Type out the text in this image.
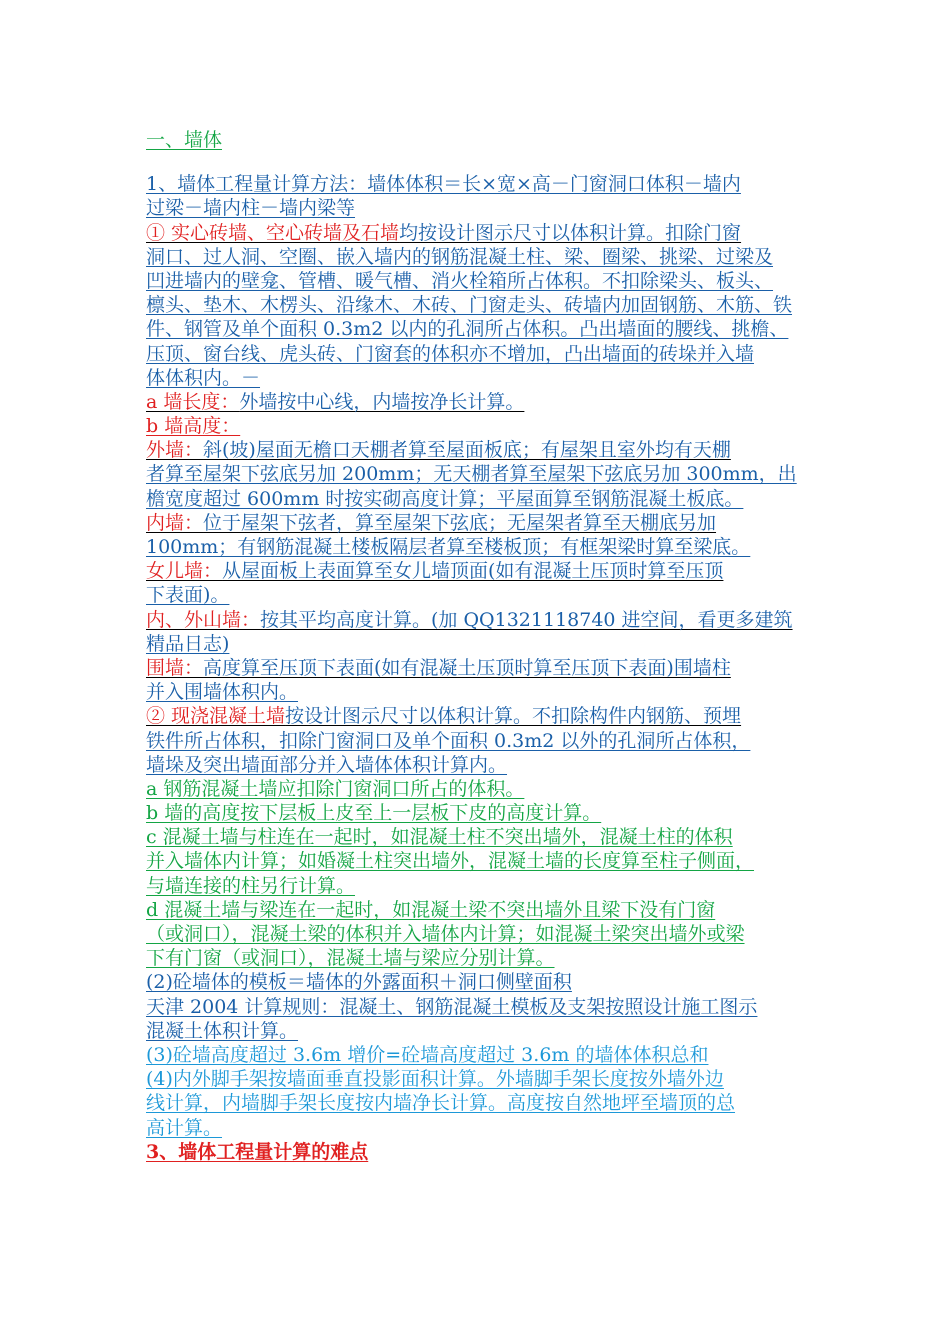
一、墙体
1、墙体工程量计算方法：墙体体积＝长×宽×高－门窗洞口体积－墙内
过梁－墙内柱－墙内梁等
① 实心砖墙、空心砖墙及石墙均按设计图示尺寸以体积计算。扣除门窗
洞口、过人洞、空圈、嵌入墙内的钢筋混凝土柱、梁、圈梁、挑梁、过梁及
凹进墙内的壁龛、管槽、暖气槽、消火栓箱所占体积。不扣除梁头、板头、
檩头、垫木、木楞头、沿缘木、木砖、门窗走头、砖墙内加固钢筋、木筋、铁
件、钢管及单个面积 0.3m2 以内的孔洞所占体积。凸出墙面的腰线、挑檐、
压顶、窗台线、虎头砖、门窗套的体积亦不增加，凸出墙面的砖垛并入墙
体体积内。－
a 墙长度：外墙按中心线，内墙按净长计算。
b 墙高度：
外墙：斜(坡)屋面无檐口天棚者算至屋面板底；有屋架且室外均有天棚
者算至屋架下弦底另加 200mm；无天棚者算至屋架下弦底另加 300mm，出
檐宽度超过 600mm 时按实砌高度计算；平屋面算至钢筋混凝土板底。
内墙：位于屋架下弦者，算至屋架下弦底；无屋架者算至天棚底另加
100mm；有钢筋混凝土楼板隔层者算至楼板顶；有框架梁时算至梁底。
女儿墙：从屋面板上表面算至女儿墙顶面(如有混凝土压顶时算至压顶
下表面)。
内、外山墙：按其平均高度计算。(加 QQ1321118740 进空间，看更多建筑
精品日志)
围墙：高度算至压顶下表面(如有混凝土压顶时算至压顶下表面)围墙柱
并入围墙体积内。
② 现浇混凝土墙按设计图示尺寸以体积计算。不扣除构件内钢筋、预埋
铁件所占体积，扣除门窗洞口及单个面积 0.3m2 以外的孔洞所占体积，
墙垛及突出墙面部分并入墙体体积计算内。
a 钢筋混凝土墙应扣除门窗洞口所占的体积。
b 墙的高度按下层板上皮至上一层板下皮的高度计算。
c 混凝土墙与柱连在一起时，如混凝土柱不突出墙外，混凝土柱的体积
并入墙体内计算；如婚凝土柱突出墙外，混凝土墙的长度算至柱子侧面，
与墙连接的柱另行计算。
d 混凝土墙与梁连在一起时，如混凝土梁不突出墙外且梁下没有门窗
（或洞口），混凝土梁的体积并入墙体内计算；如混凝土梁突出墙外或梁
下有门窗（或洞口），混凝土墙与梁应分别计算。
(2)砼墙体的模板＝墙体的外露面积＋洞口侧壁面积
天津 2004 计算规则：混凝土、钢筋混凝土模板及支架按照设计施工图示
混凝土体积计算。
(3)砼墙高度超过 3.6m 增价=砼墙高度超过 3.6m 的墙体体积总和
(4)内外脚手架按墙面垂直投影面积计算。外墙脚手架长度按外墙外边
线计算，内墙脚手架长度按内墙净长计算。高度按自然地坪至墙顶的总
高计算。
3、墙体工程量计算的难点
